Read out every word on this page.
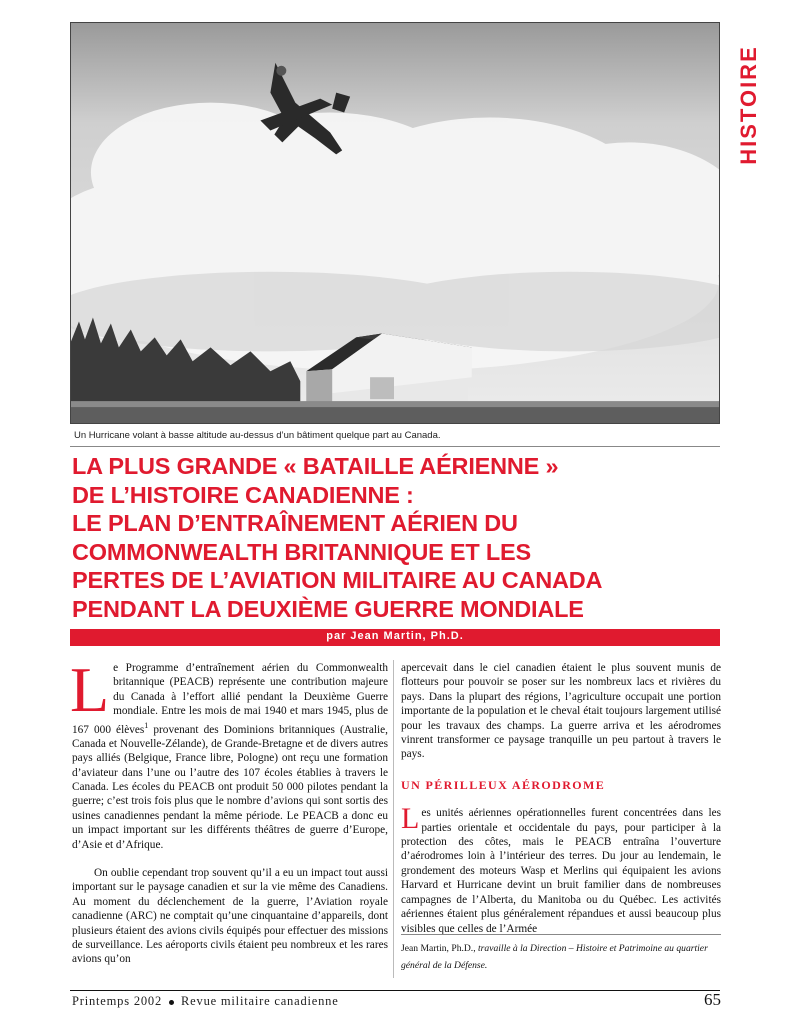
Un Hurricane volant à basse altitude au-dessus d’un bâtiment quelque part au Canada.
HISTOIRE
LA PLUS GRANDE « BATAILLE AÉRIENNE »
DE L’HISTOIRE CANADIENNE :
LE PLAN D’ENTRAÎNEMENT AÉRIEN DU
COMMONWEALTH BRITANNIQUE ET LES
PERTES DE L’AVIATION MILITAIRE AU CANADA
PENDANT LA DEUXIÈME GUERRE MONDIALE
par Jean Martin, Ph.D.

Le Programme d’entraînement aérien du Commonwealth britannique (PEACB) représente une contribution majeure du Canada à l’effort allié pendant la Deuxième Guerre mondiale. Entre les mois de mai 1940 et mars 1945, plus de 167 000 élèves$^1$ provenant des Dominions britanniques (Australie, Canada et Nouvelle-Zélande), de Grande-Bretagne et de divers autres pays alliés (Belgique, France libre, Pologne) ont reçu une formation d’aviateur dans l’une ou l’autre des 107 écoles établies à travers le Canada. Les écoles du PEACB ont produit 50 000 pilotes pendant la guerre; c’est trois fois plus que le nombre d’avions qui sont sortis des usines canadiennes pendant la même période. Le PEACB a donc eu un impact important sur les différents théâtres de guerre d’Europe, d’Asie et d’Afrique.

On oublie cependant trop souvent qu’il a eu un impact tout aussi important sur le paysage canadien et sur la vie même des Canadiens. Au moment du déclenchement de la guerre, l’Aviation royale canadienne (ARC) ne comptait qu’une cinquantaine d’appareils, dont plusieurs étaient des avions civils équipés pour effectuer des missions de surveillance. Les aéroports civils étaient peu nombreux et les rares avions qu’on

apercevait dans le ciel canadien étaient le plus souvent munis de flotteurs pour pouvoir se poser sur les nombreux lacs et rivières du pays. Dans la plupart des régions, l’agriculture occupait une portion importante de la population et le cheval était toujours largement utilisé pour les travaux des champs. La guerre arriva et les aérodromes vinrent transformer ce paysage tranquille un peu partout à travers le pays.

UN PÉRILLEUX AÉRODROME

Les unités aériennes opérationnelles furent concentrées dans les parties orientale et occidentale du pays, pour participer à la protection des côtes, mais le PEACB entraîna l’ouverture d’aérodromes loin à l’intérieur des terres. Du jour au lendemain, le grondement des moteurs Wasp et Merlins qui équipaient les avions Harvard et Hurricane devint un bruit familier dans de nombreuses campagnes de l’Alberta, du Manitoba ou du Québec. Les activités aériennes étaient plus généralement répandues et aussi beaucoup plus visibles que celles de l’Armée

Jean Martin, Ph.D., travaille à la Direction – Histoire et Patrimoine au quartier général de la Défense.
Printemps 2002 Revue militaire canadienne	65
